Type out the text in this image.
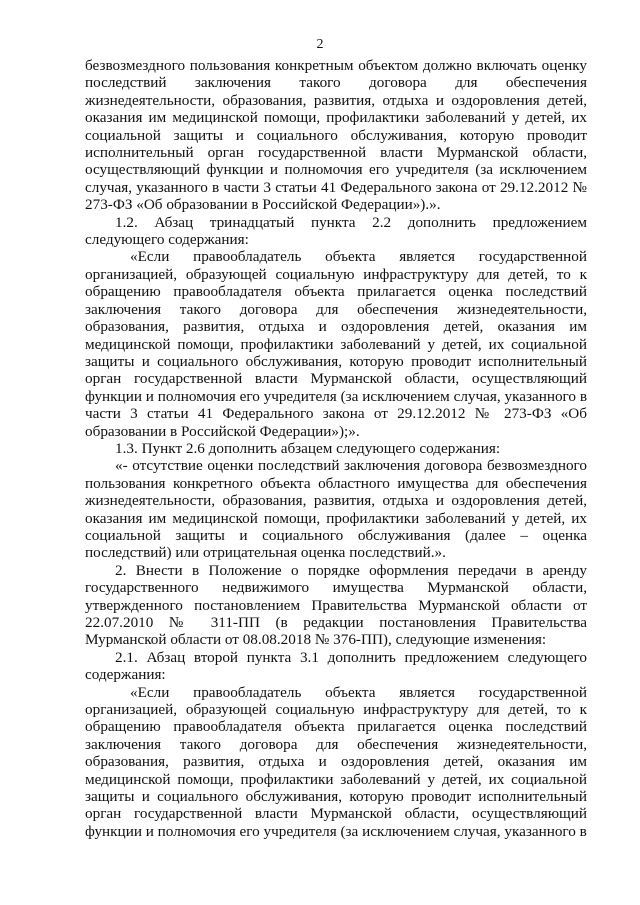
2

безвозмездного пользования конкретным объектом должно включать оценку последствий заключения такого договора для обеспечения жизнедеятельности, образования, развития, отдыха и оздоровления детей, оказания им медицинской помощи, профилактики заболеваний у детей, их социальной защиты и социального обслуживания, которую проводит исполнительный орган государственной власти Мурманской области, осуществляющий функции и полномочия его учредителя (за исключением случая, указанного в части 3 статьи 41 Федерального закона от 29.12.2012 № 273-ФЗ «Об образовании в Российской Федерации»).».

1.2. Абзац тринадцатый пункта 2.2 дополнить предложением следующего содержания:

«Если правообладатель объекта является государственной организацией, образующей социальную инфраструктуру для детей, то к обращению правообладателя объекта прилагается оценка последствий заключения такого договора для обеспечения жизнедеятельности, образования, развития, отдыха и оздоровления детей, оказания им медицинской помощи, профилактики заболеваний у детей, их социальной защиты и социального обслуживания, которую проводит исполнительный орган государственной власти Мурманской области, осуществляющий функции и полномочия его учредителя (за исключением случая, указанного в части 3 статьи 41 Федерального закона от 29.12.2012 № 273-ФЗ «Об образовании в Российской Федерации»);».

1.3. Пункт 2.6 дополнить абзацем следующего содержания:

«- отсутствие оценки последствий заключения договора безвозмездного пользования конкретного объекта областного имущества для обеспечения жизнедеятельности, образования, развития, отдыха и оздоровления детей, оказания им медицинской помощи, профилактики заболеваний у детей, их социальной защиты и социального обслуживания (далее – оценка последствий) или отрицательная оценка последствий.».

2. Внести в Положение о порядке оформления передачи в аренду государственного недвижимого имущества Мурманской области, утвержденного постановлением Правительства Мурманской области от 22.07.2010 № 311-ПП (в редакции постановления Правительства Мурманской области от 08.08.2018 № 376-ПП), следующие изменения:

2.1. Абзац второй пункта 3.1 дополнить предложением следующего содержания:

«Если правообладатель объекта является государственной организацией, образующей социальную инфраструктуру для детей, то к обращению правообладателя объекта прилагается оценка последствий заключения такого договора для обеспечения жизнедеятельности, образования, развития, отдыха и оздоровления детей, оказания им медицинской помощи, профилактики заболеваний у детей, их социальной защиты и социального обслуживания, которую проводит исполнительный орган государственной власти Мурманской области, осуществляющий функции и полномочия его учредителя (за исключением случая, указанного в
